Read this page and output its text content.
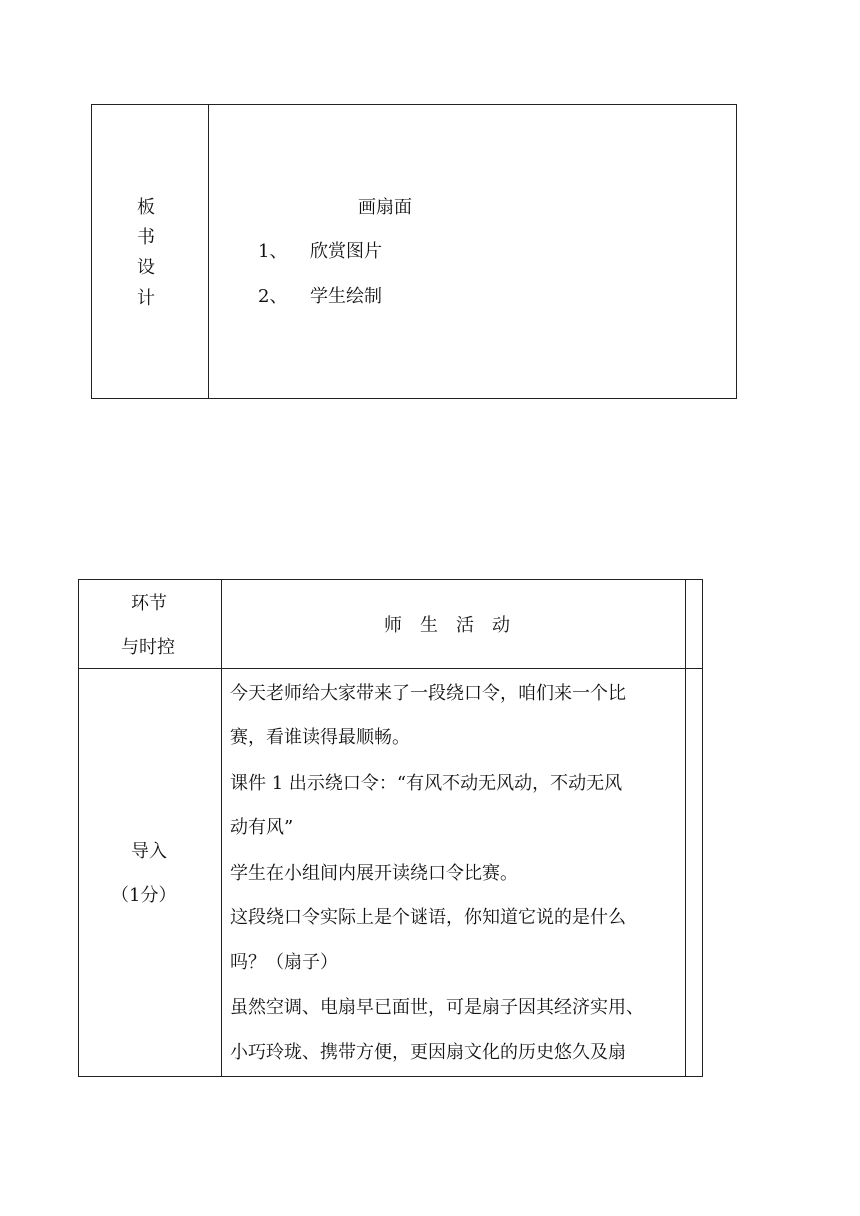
板
书
设
计
画扇面
1、 欣赏图片
2、 学生绘制
环节
与时控
师　生　活　动
导入
（1分）
今天老师给大家带来了一段绕口令，咱们来一个比
赛，看谁读得最顺畅。
课件 1 出示绕口令：“有风不动无风动，不动无风
动有风”
学生在小组间内展开读绕口令比赛。
这段绕口令实际上是个谜语，你知道它说的是什么
吗？（扇子）
虽然空调、电扇早已面世，可是扇子因其经济实用、
小巧玲珑、携带方便，更因扇文化的历史悠久及扇
